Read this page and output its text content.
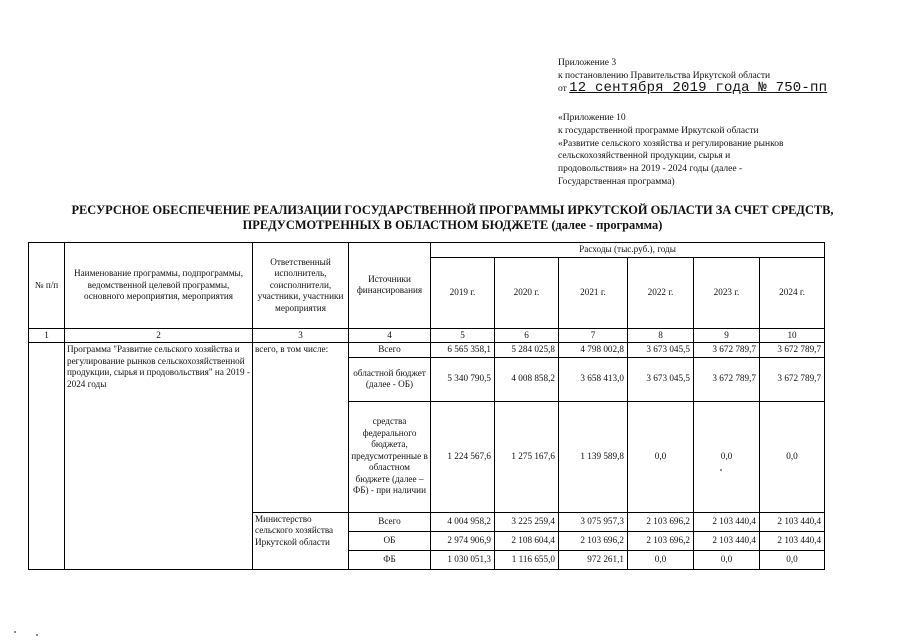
Приложение 3
к постановлению Правительства Иркутской области
от 12 сентября 2019 года № 750-пп
«Приложение 10
к государственной программе Иркутской области
«Развитие сельского хозяйства и регулирование рынков
сельскохозяйственной продукции, сырья и
продовольствия» на 2019 - 2024 годы (далее -
Государственная программа)
РЕСУРСНОЕ ОБЕСПЕЧЕНИЕ РЕАЛИЗАЦИИ ГОСУДАРСТВЕННОЙ ПРОГРАММЫ ИРКУТСКОЙ ОБЛАСТИ ЗА СЧЕТ СРЕДСТВ,
ПРЕДУСМОТРЕННЫХ В ОБЛАСТНОМ БЮДЖЕТЕ (далее - программа)
№ п/п	Наименование программы, подпрограммы, ведомственной целевой программы, основного мероприятия, мероприятия	Ответственный исполнитель, соисполнители, участники, участники мероприятия	Источники финансирования	Расходы (тыс.руб.), годы					
				2019 г.	2020 г.	2021 г.	2022 г.	2023 г.	2024 г.
1	2	3	4	5	6	7	8	9	10
	Программа "Развитие сельского хозяйства и регулирование рынков сельскохозяйственной продукции, сырья и продовольствия" на 2019 - 2024 годы	всего, в том числе:	Всего	6 565 358,1	5 284 025,8	4 798 002,8	3 673 045,5	3 672 789,7	3 672 789,7
			областной бюджет (далее - ОБ)	5 340 790,5	4 008 858,2	3 658 413,0	3 673 045,5	3 672 789,7	3 672 789,7
			средства федерального бюджета, предусмотренные в областном бюджете (далее – ФБ) - при наличии	1 224 567,6	1 275 167,6	1 139 589,8	0,0	0,0	0,0
		Министерство сельского хозяйства Иркутской области	Всего	4 004 958,2	3 225 259,4	3 075 957,3	2 103 696,2	2 103 440,4	2 103 440,4
			ОБ	2 974 906,9	2 108 604,4	2 103 696,2	2 103 696,2	2 103 440,4	2 103 440,4
			ФБ	1 030 051,3	1 116 655,0	972 261,1	0,0	0,0	0,0
